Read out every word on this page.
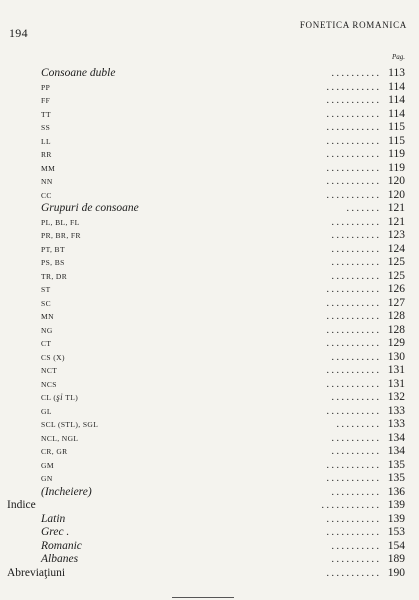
194
FONETICA ROMANICA
Pag.
Consoane duble	. . . . . . . . . . 113
PP	. . . . . . . . . . . 114
FF	. . . . . . . . . . . 114
TT	. . . . . . . . . . . 114
SS	. . . . . . . . . . . 115
LL	. . . . . . . . . . . 115
RR	. . . . . . . . . . . 119
MM	. . . . . . . . . . . 119
NN	. . . . . . . . . . . 120
CC	. . . . . . . . . . . 120
Grupuri de consoane	. . . . . . . 121
PL, BL, FL	. . . . . . . . . . 121
PR, BR, FR	. . . . . . . . . . 123
PT, BT	. . . . . . . . . . 124
PS, BS	. . . . . . . . . . 125
TR, DR	. . . . . . . . . . 125
ST	. . . . . . . . . . . 126
SC	. . . . . . . . . . . 127
MN	. . . . . . . . . . . 128
NG	. . . . . . . . . . . 128
CT	. . . . . . . . . . . 129
CS (X)	. . . . . . . . . . 130
NCT	. . . . . . . . . . . 131
NCS	. . . . . . . . . . . 131
CL (şi TL)	. . . . . . . . . . 132
GL	. . . . . . . . . . . 133
SCL (STL), SGL	. . . . . . . . . 133
NCL, NGL	. . . . . . . . . . 134
CR, GR	. . . . . . . . . . 134
GM	. . . . . . . . . . . 135
GN	. . . . . . . . . . . 135
(Incheiere)	. . . . . . . . . . 136
Indice	. . . . . . . . . . . . 139
Latin	. . . . . . . . . . . 139
Grec .	. . . . . . . . . . . 153
Romanic	. . . . . . . . . . 154
Albanes	. . . . . . . . . . 189
Abreviaţiuni	. . . . . . . . . . . 190
